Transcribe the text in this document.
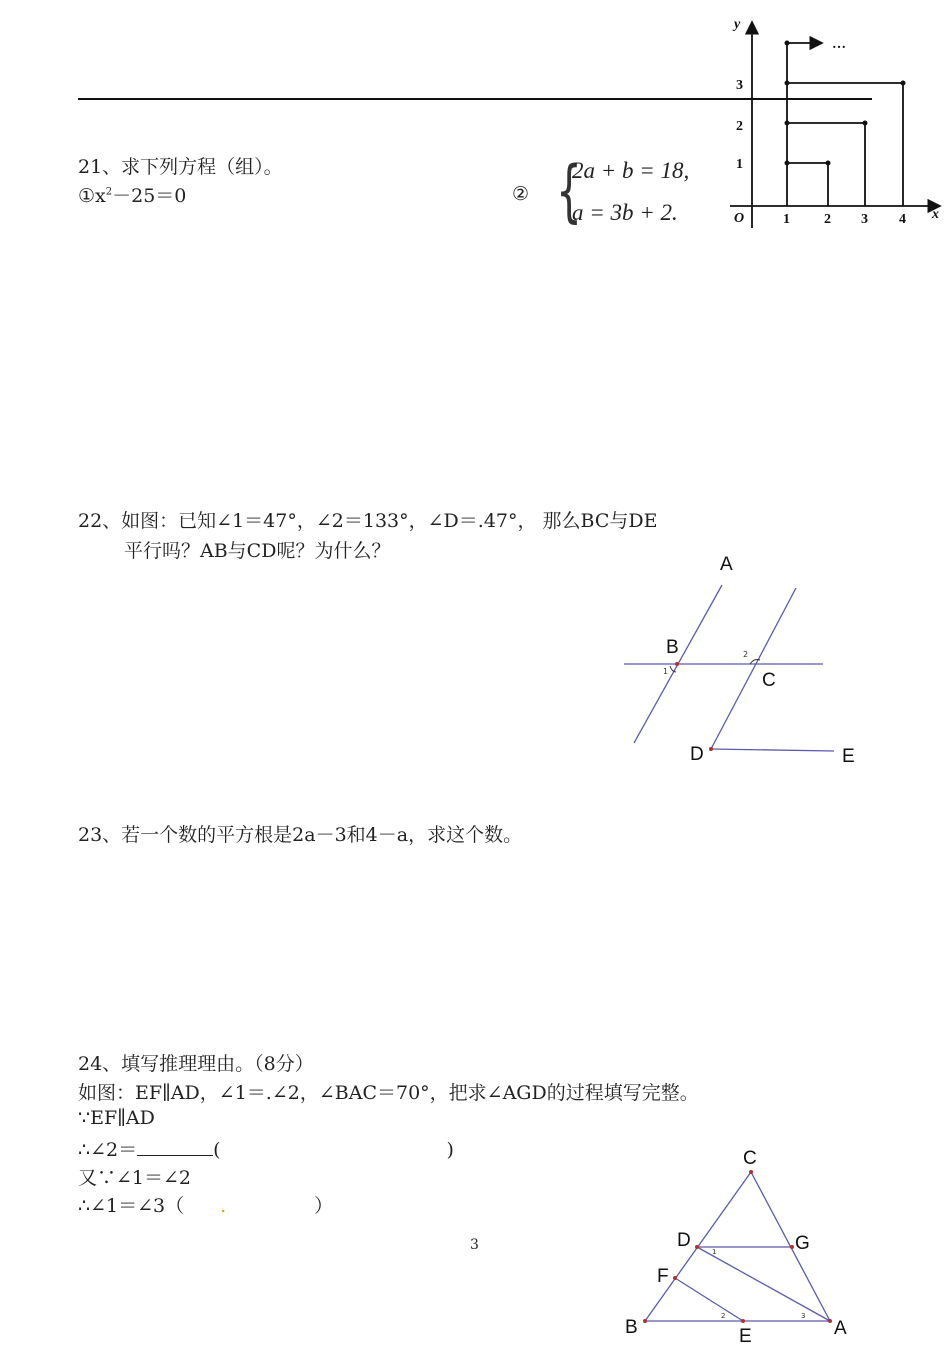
…
y
x
O	1 2 3 4
1
2
3
21、求下列方程（组）。
$①x^2-25=0$	② {
2a + b = 18,
a = 3b + 2.
22、如图：已知∠1＝47°，∠2＝133°，∠D＝.47°， 那么BC与DE
平行吗？AB与CD呢？为什么？
A
B
C
D	E
1
2
23、若一个数的平方根是2a－3和4－a，求这个数。
24、填写推理理由。（8分）
如图：EF∥AD，∠1＝.∠2，∠BAC＝70°，把求∠AGD的过程填写完整。
∵EF∥AD
∴∠2＝	(	)
又∵∠1＝∠2
∴∠1＝∠3（ .	）
C
D	G
F
B	E	A
1
2	3
3
